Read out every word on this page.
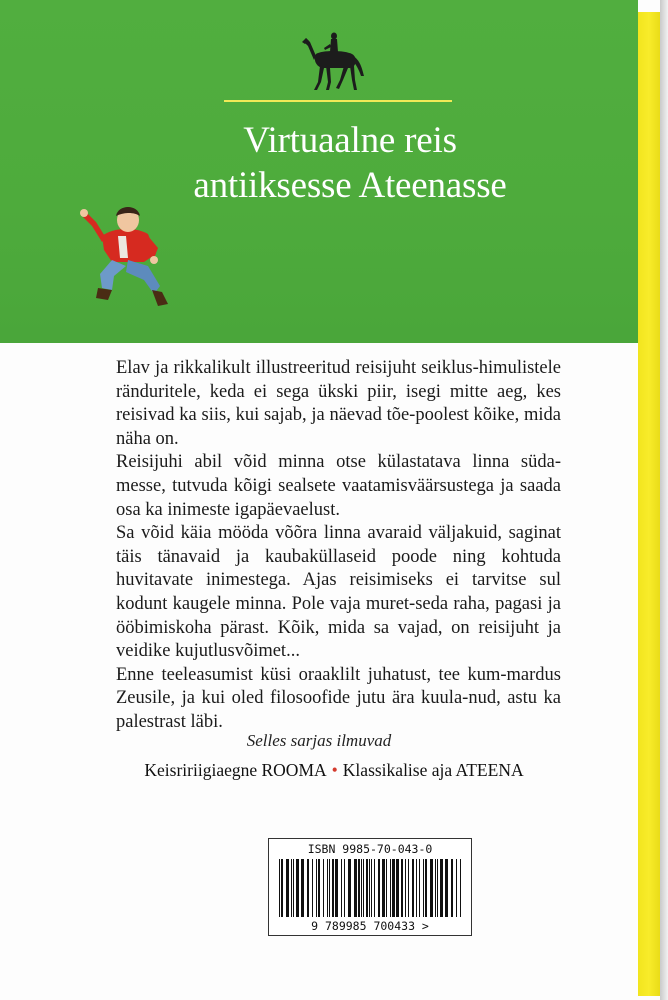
Virtuaalne reis
antiiksesse Ateenasse

Elav ja rikkalikult illustreeritud reisijuht seiklus-himulistele ränduritele, keda ei sega ükski piir, isegi mitte aeg, kes reisivad ka siis, kui sajab, ja näevad tõe-poolest kõike, mida näha on.

Reisijuhi abil võid minna otse külastatava linna süda-messe, tutvuda kõigi sealsete vaatamisväärsustega ja saada osa ka inimeste igapäevaelust.

Sa võid käia mööda võõra linna avaraid väljakuid, saginat täis tänavaid ja kaubaküllaseid poode ning kohtuda huvitavate inimestega. Ajas reisimiseks ei tarvitse sul kodunt kaugele minna. Pole vaja muret-seda raha, pagasi ja ööbimiskoha pärast. Kõik, mida sa vajad, on reisijuht ja veidike kujutlusvõimet...

Enne teeleasumist küsi oraaklilt juhatust, tee kum-mardus Zeusile, ja kui oled filosoofide jutu ära kuula-nud, astu ka palestrast läbi.

Selles sarjas ilmuvad
Keisririigiaegne ROOMA • Klassikalise aja ATEENA
ISBN 9985-70-043-0
9 789985 700433 >
